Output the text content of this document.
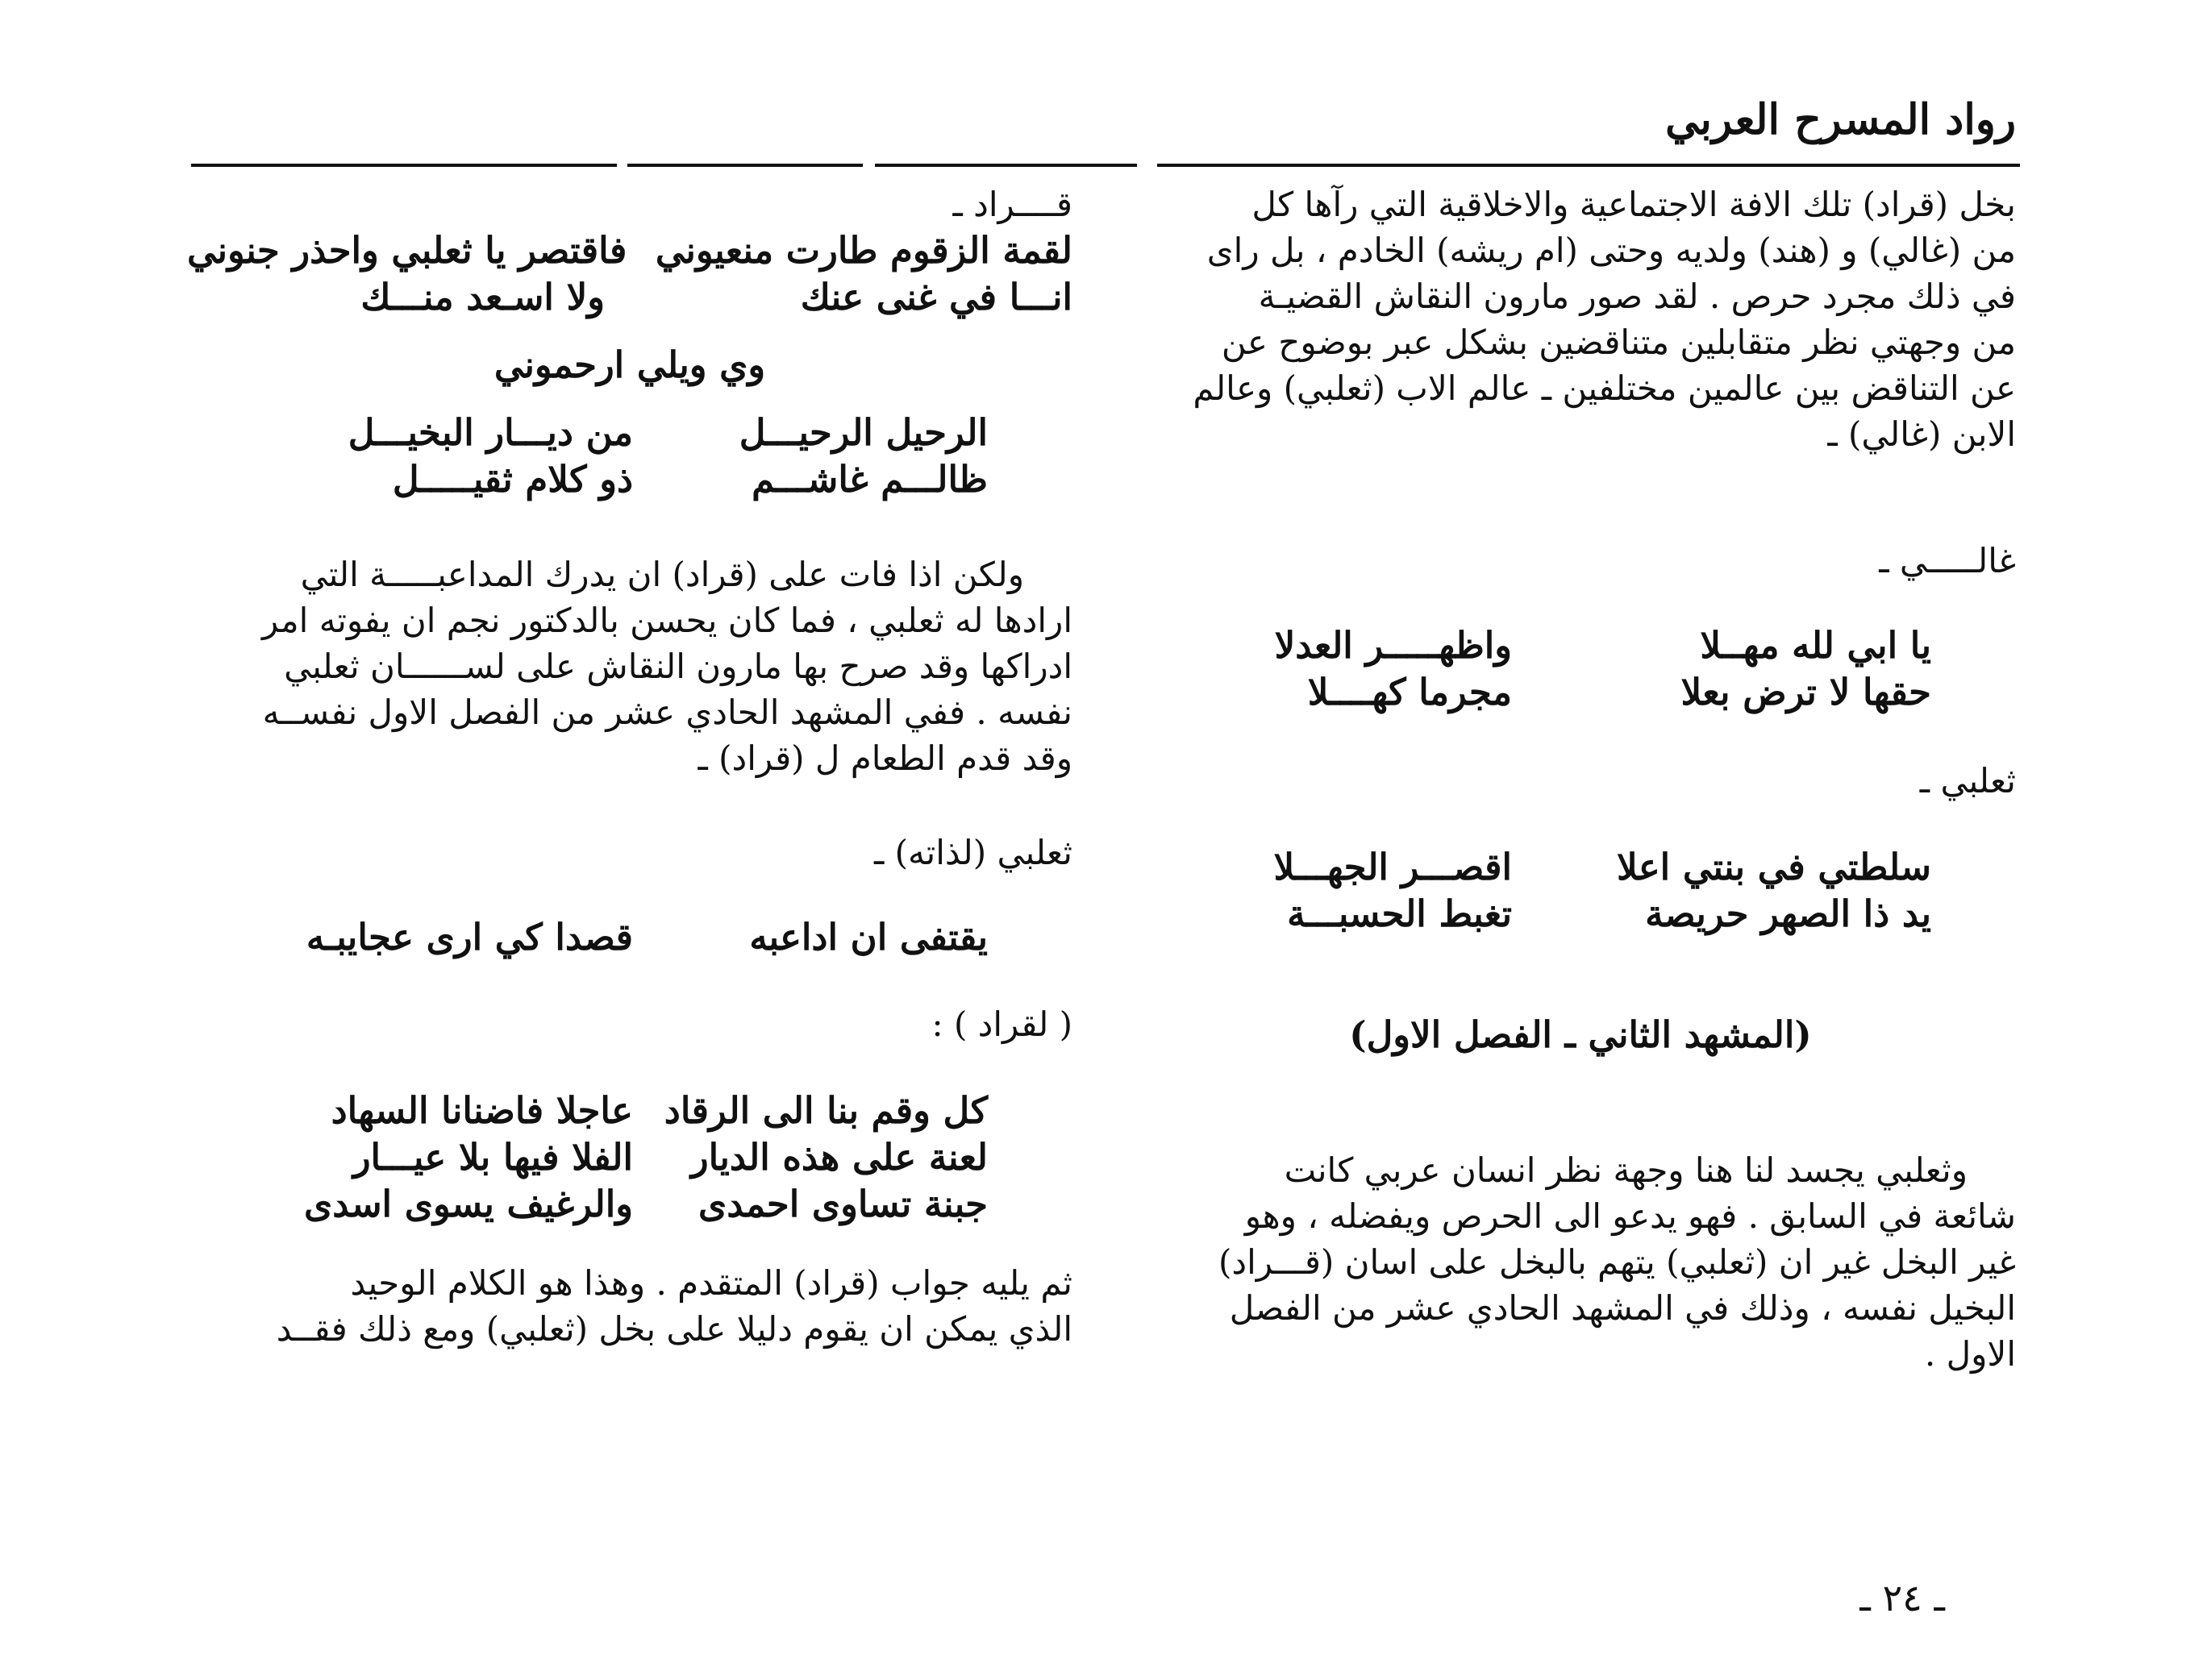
رواد المسرح العربي
بخل (قراد) تلك الافة الاجتماعية والاخلاقية التي رآها كل
من (غالي) و (هند) ولديه وحتى (ام ريشه) الخادم ، بل راى
في ذلك مجرد حرص . لقد صور مارون النقاش القضيـة
من وجهتي نظر متقابلين متناقضين بشكل عبر بوضوح عن
عن التناقض بين عالمين مختلفين ـ عالم الاب (ثعلبي) وعالم
الابن (غالي) ـ
غالـــــي ـ
يا ابي لله مهــلا
واظهـــــر العدلا
حقها لا ترض بعلا
مجرما كهــــلا
ثعلبي ـ
سلطتي في بنتي اعلا
اقصـــر الجهـــلا
يد ذا الصهر حريصة
تغبط الحسبـــة
(المشهد الثاني ـ الفصل الاول)
وثعلبي يجسد لنا هنا وجهة نظر انسان عربي كانت
شائعة في السابق . فهو يدعو الى الحرص ويفضله ، وهو
غير البخل غير ان (ثعلبي) يتهم بالبخل على اسان (قـــراد)
البخيل نفسه ، وذلك في المشهد الحادي عشر من الفصل
الاول .
قــــراد ـ
لقمة الزقوم طارت منعيوني
فاقتصر يا ثعلبي واحذر جنوني
انـــا في غنى عنك
ولا اسـعد منـــك
وي ويلي ارحموني
الرحيل الرحيـــل
من ديـــار البخيـــل
ظالـــم غاشـــم
ذو كلام ثقيـــــل
ولكن اذا فات على (قراد) ان يدرك المداعبـــــة التي
ارادها له ثعلبي ، فما كان يحسن بالدكتور نجم ان يفوته امر
ادراكها وقد صرح بها مارون النقاش على لســــــان ثعلبي
نفسه . ففي المشهد الحادي عشر من الفصل الاول نفســه
وقد قدم الطعام ل (قراد) ـ
ثعلبي (لذاته) ـ
يقتفى ان اداعبه
قصدا كي ارى عجايبـه
( لقراد ) :
كل وقم بنا الى الرقاد
عاجلا فاضنانا السهاد
لعنة على هذه الديار
الفلا فيها بلا عيـــار
جبنة تساوى احمدى
والرغيف يسوى اسدى
ثم يليه جواب (قراد) المتقدم . وهذا هو الكلام الوحيد
الذي يمكن ان يقوم دليلا على بخل (ثعلبي) ومع ذلك فقــد
ـ ٢٤ ـ
